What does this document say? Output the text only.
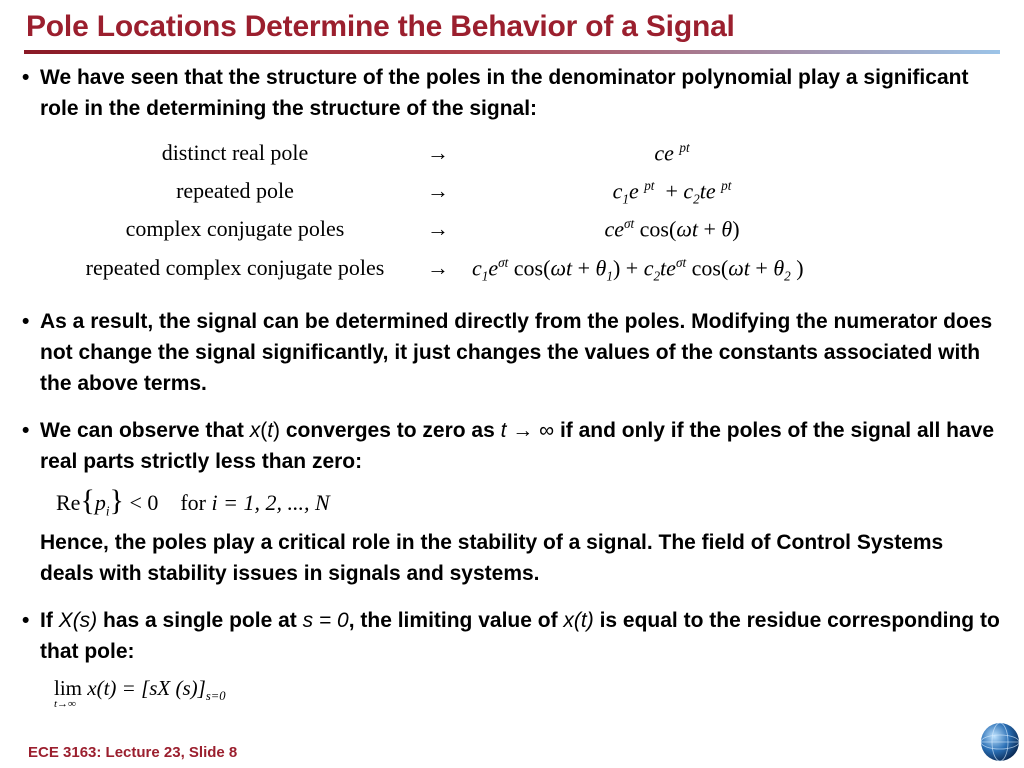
Pole Locations Determine the Behavior of a Signal
• We have seen that the structure of the poles in the denominator polynomial play a significant role in the determining the structure of the signal:
distinct real pole	→	ce $^{pt}$
repeated pole	→	$c_1e$ $^{pt} + c_2te$ $^{pt}$
complex conjugate poles	→	$ce^{\sigma t}$ cos(ωt + θ)
repeated complex conjugate poles	→ $c_1e^{\sigma t}$ $\cos(\omega t + \theta_1) + c_2te^{\sigma t}$ $\cos(\omega t + \theta_2$ )
• As a result, the signal can be determined directly from the poles. Modifying the numerator does not change the signal significantly, it just changes the values of the constants associated with the above terms.
• We can observe that x(t) converges to zero as t → ∞ if and only if the poles of the signal all have real parts strictly less than zero:
$Re\{p_i\} < 0$ for i = 1, 2, ..., N
Hence, the poles play a critical role in the stability of a signal. The field of Control Systems deals with stability issues in signals and systems.
• If X(s) has a single pole at s = 0, the limiting value of x(t) is equal to the residue corresponding to that pole:
lim
t→∞
x(t) = [sX $(s)]_{s=0}$
ECE 3163: Lecture 23, Slide 8
